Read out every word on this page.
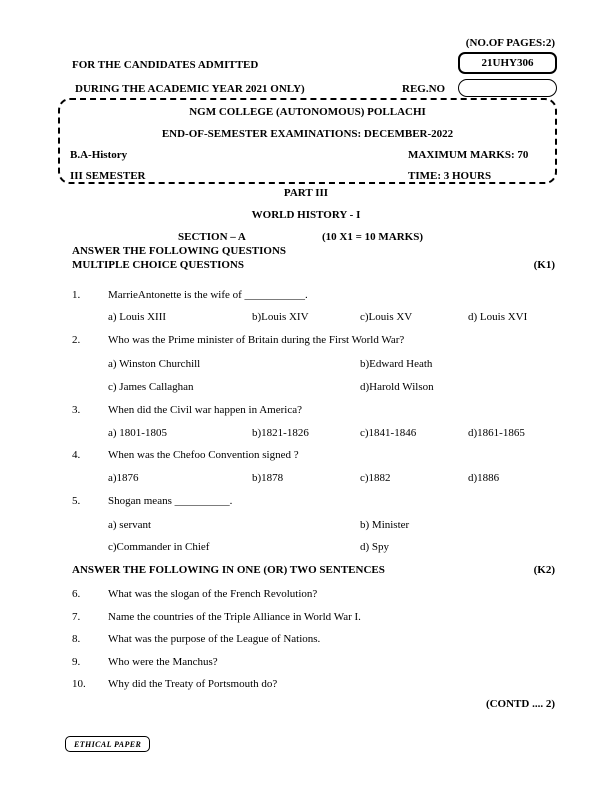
(NO.OF PAGES:2)
FOR THE CANDIDATES ADMITTED	21UHY306
DURING THE ACADEMIC YEAR 2021 ONLY)	REG.NO
NGM COLLEGE (AUTONOMOUS) POLLACHI
END-OF-SEMESTER EXAMINATIONS: DECEMBER-2022
B.A-History	MAXIMUM MARKS: 70
III SEMESTER	TIME: 3 HOURS
PART III
WORLD HISTORY - I
SECTION – A	(10 X1 = 10 MARKS)
ANSWER THE FOLLOWING QUESTIONS
MULTIPLE CHOICE QUESTIONS	(K1)
1.	MarrieAntonette is the wife of ___________.
a) Louis XIII	b)Louis XIV	c)Louis XV	d) Louis XVI
2.	Who was the Prime minister of Britain during the First World War?
a) Winston Churchill	b)Edward Heath
c) James Callaghan	d)Harold Wilson
3.	When did the Civil war happen in America?
a) 1801-1805	b)1821-1826	c)1841-1846	d)1861-1865
4.	When was the Chefoo Convention signed ?
a)1876	b)1878	c)1882	d)1886
5.	Shogan means __________.
a) servant	b) Minister
c)Commander in Chief	d) Spy
ANSWER THE FOLLOWING IN ONE (OR) TWO SENTENCES	(K2)
6.	What was the slogan of the French Revolution?
7.	Name the countries of the Triple Alliance in World War I.
8.	What was the purpose of the League of Nations.
9.	Who were the Manchus?
10. Why did the Treaty of Portsmouth do?
(CONTD .... 2)
ETHICAL PAPER
